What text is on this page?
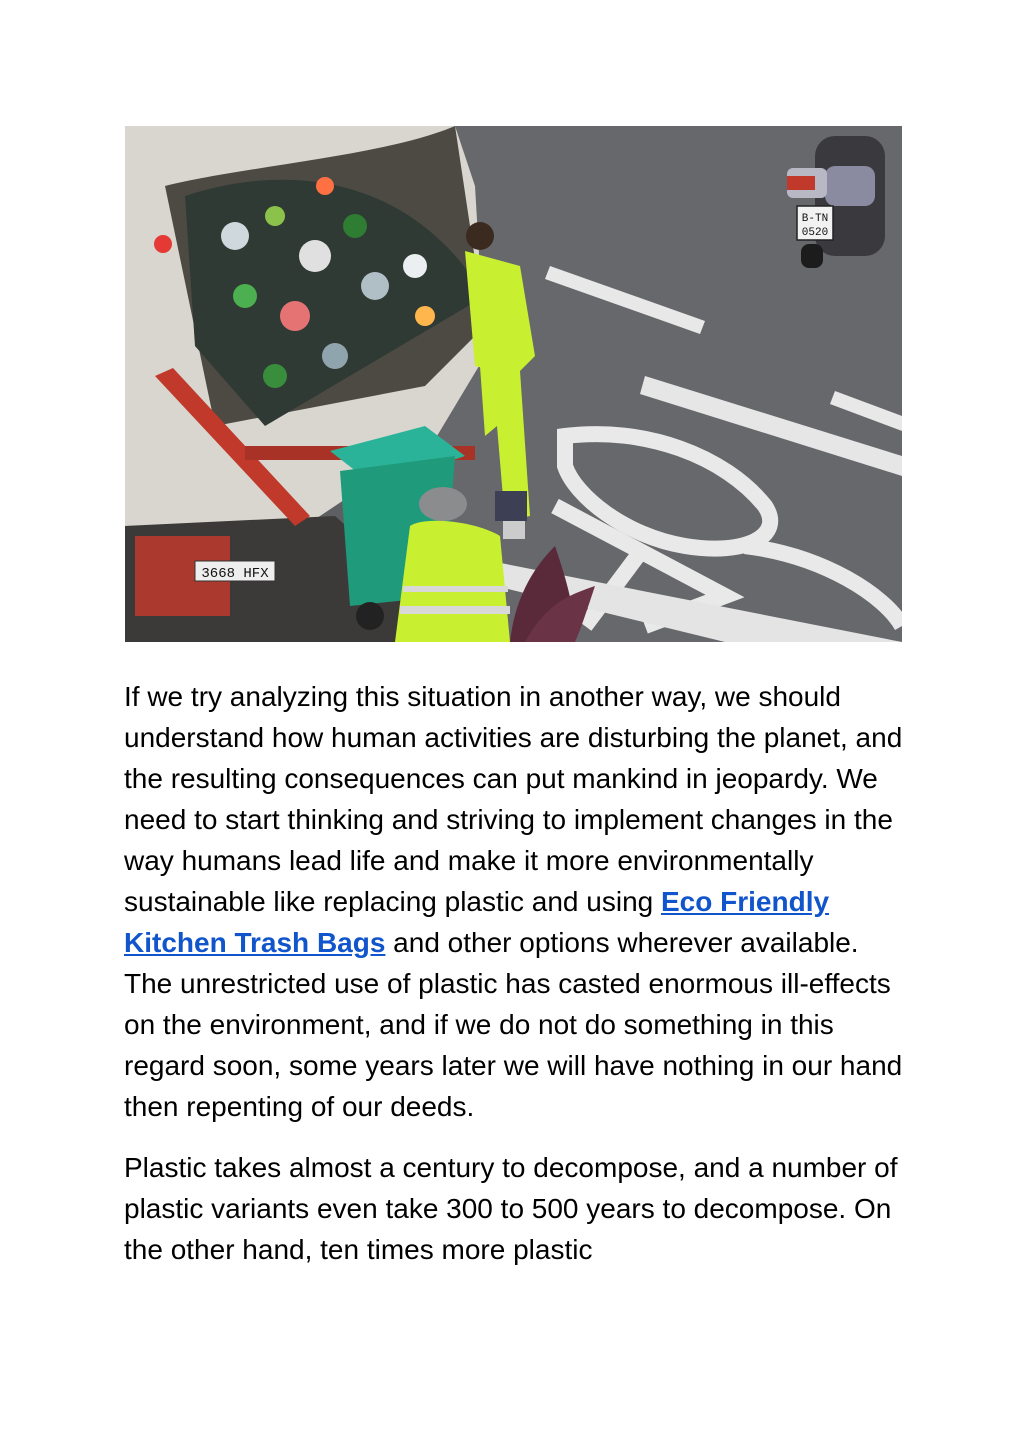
B-TN
0520
3668 HFX

If we try analyzing this situation in another way, we should understand how human activities are disturbing the planet, and the resulting consequences can put mankind in jeopardy. We need to start thinking and striving to implement changes in the way humans lead life and make it more environmentally sustainable like replacing plastic and using Eco Friendly Kitchen Trash Bags and other options wherever available. The unrestricted use of plastic has casted enormous ill-effects on the environment, and if we do not do something in this regard soon, some years later we will have nothing in our hand then repenting of our deeds.

Plastic takes almost a century to decompose, and a number of plastic variants even take 300 to 500 years to decompose. On the other hand, ten times more plastic
